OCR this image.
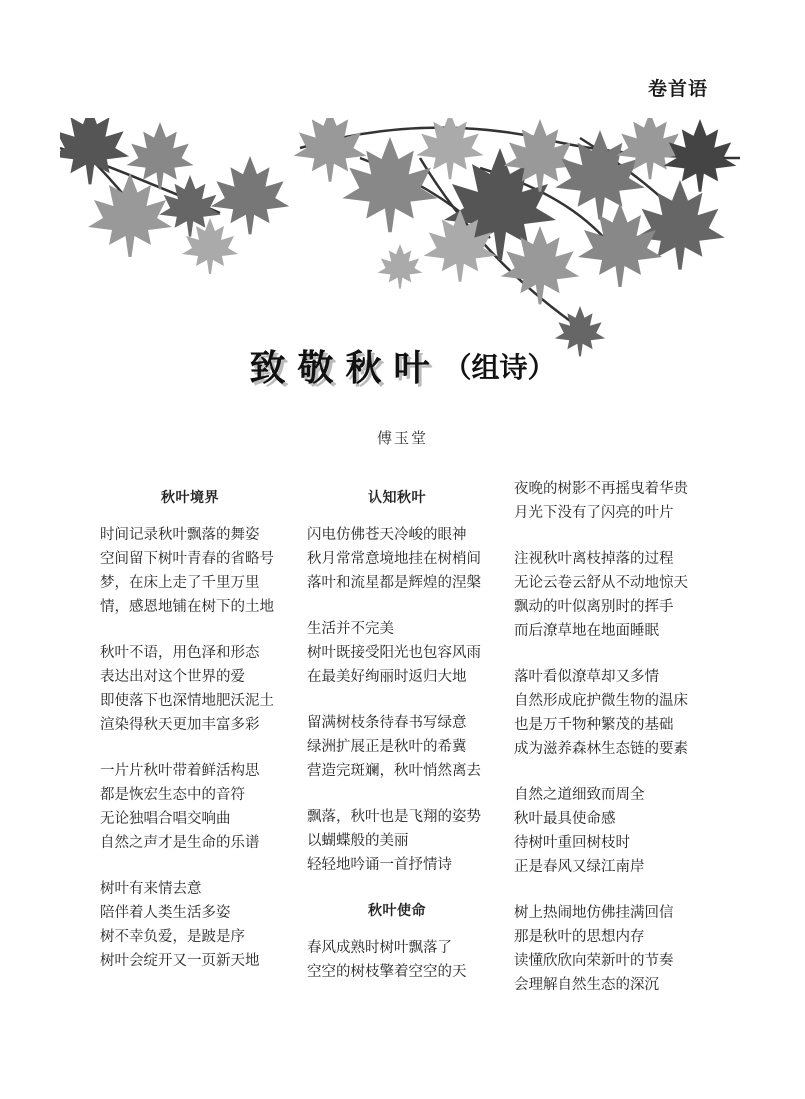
卷首语
致敬秋叶（组诗）
傅玉堂
秋叶境界
时间记录秋叶飘落的舞姿
空间留下树叶青春的省略号
梦，在床上走了千里万里
情，感恩地铺在树下的土地
秋叶不语，用色泽和形态
表达出对这个世界的爱
即使落下也深情地肥沃泥土
渲染得秋天更加丰富多彩
一片片秋叶带着鲜活构思
都是恢宏生态中的音符
无论独唱合唱交响曲
自然之声才是生命的乐谱
树叶有来情去意
陪伴着人类生活多姿
树不幸负爱，是跛是序
树叶会绽开又一页新天地
认知秋叶
闪电仿佛苍天冷峻的眼神
秋月常常意境地挂在树梢间
落叶和流星都是辉煌的涅槃
生活并不完美
树叶既接受阳光也包容风雨
在最美好绚丽时返归大地
留满树枝条待春书写绿意
绿洲扩展正是秋叶的希冀
营造完斑斓，秋叶悄然离去
飘落，秋叶也是飞翔的姿势
以蝴蝶般的美丽
轻轻地吟诵一首抒情诗
秋叶使命
春风成熟时树叶飘落了
空空的树枝擎着空空的天
夜晚的树影不再摇曳着华贵
月光下没有了闪亮的叶片
注视秋叶离枝掉落的过程
无论云卷云舒从不动地惊天
飘动的叶似离别时的挥手
而后潦草地在地面睡眠
落叶看似潦草却又多情
自然形成庇护微生物的温床
也是万千物种繁茂的基础
成为滋养森林生态链的要素
自然之道细致而周全
秋叶最具使命感
待树叶重回树枝时
正是春风又绿江南岸
树上热闹地仿佛挂满回信
那是秋叶的思想内存
读懂欣欣向荣新叶的节奏
会理解自然生态的深沉
